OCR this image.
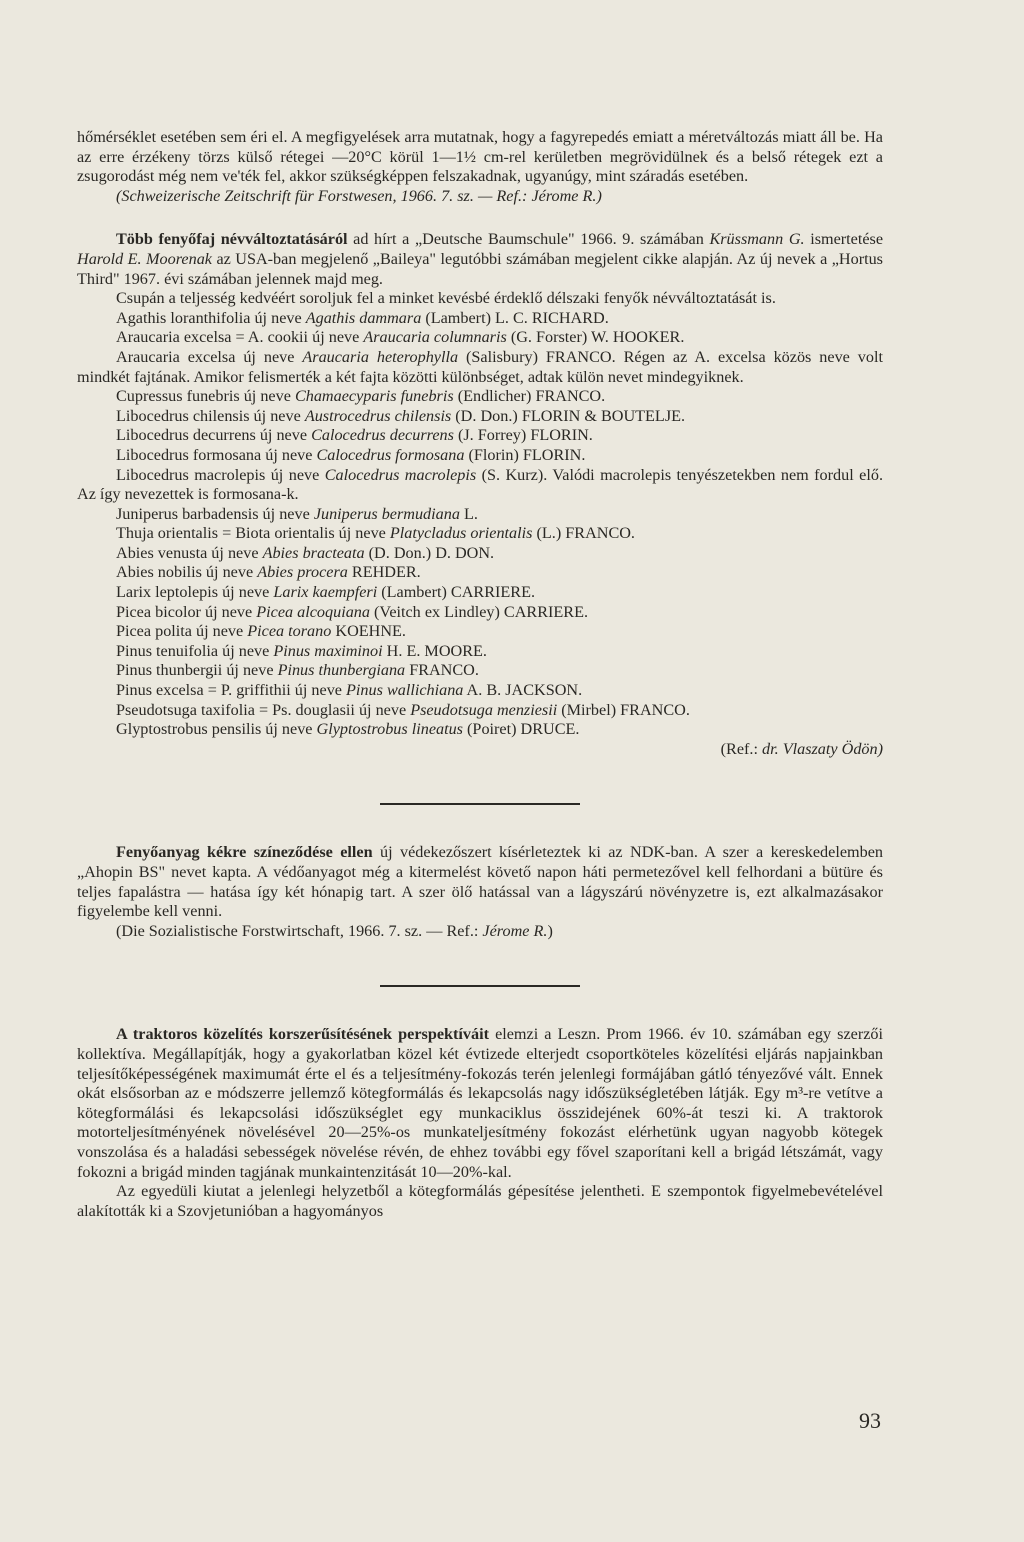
hőmérséklet esetében sem éri el. A megfigyelések arra mutatnak, hogy a fagyrepedés emiatt a méretváltozás miatt áll be. Ha az erre érzékeny törzs külső rétegei —20°C körül 1—1½ cm-rel kerületben megrövidülnek és a belső rétegek ezt a zsugorodást még nem ve'ték fel, akkor szükségképpen felszakadnak, ugyanúgy, mint száradás esetében.

(Schweizerische Zeitschrift für Forstwesen, 1966. 7. sz. — Ref.: Jérome R.)

Több fenyőfaj névváltoztatásáról ad hírt a „Deutsche Baumschule" 1966. 9. számában Krüssmann G. ismertetése Harold E. Moorenak az USA-ban megjelenő „Baileya" legutóbbi számában megjelent cikke alapján. Az új nevek a „Hortus Third" 1967. évi számában jelennek majd meg.

Csupán a teljesség kedvéért soroljuk fel a minket kevésbé érdeklő délszaki fenyők névváltoztatását is.

Agathis loranthifolia új neve Agathis dammara (Lambert) L. C. RICHARD.

Araucaria excelsa = A. cookii új neve Araucaria columnaris (G. Forster) W. HOOKER.

Araucaria excelsa új neve Araucaria heterophylla (Salisbury) FRANCO. Régen az A. excelsa közös neve volt mindkét fajtának. Amikor felismerték a két fajta közötti különbséget, adtak külön nevet mindegyiknek.

Cupressus funebris új neve Chamaecyparis funebris (Endlicher) FRANCO.

Libocedrus chilensis új neve Austrocedrus chilensis (D. Don.) FLORIN & BOUTELJE.

Libocedrus decurrens új neve Calocedrus decurrens (J. Forrey) FLORIN.

Libocedrus formosana új neve Calocedrus formosana (Florin) FLORIN.

Libocedrus macrolepis új neve Calocedrus macrolepis (S. Kurz). Valódi macrolepis tenyészetekben nem fordul elő. Az így nevezettek is formosana-k.

Juniperus barbadensis új neve Juniperus bermudiana L.

Thuja orientalis = Biota orientalis új neve Platycladus orientalis (L.) FRANCO.

Abies venusta új neve Abies bracteata (D. Don.) D. DON.

Abies nobilis új neve Abies procera REHDER.

Larix leptolepis új neve Larix kaempferi (Lambert) CARRIERE.

Picea bicolor új neve Picea alcoquiana (Veitch ex Lindley) CARRIERE.

Picea polita új neve Picea torano KOEHNE.

Pinus tenuifolia új neve Pinus maximinoi H. E. MOORE.

Pinus thunbergii új neve Pinus thunbergiana FRANCO.

Pinus excelsa = P. griffithii új neve Pinus wallichiana A. B. JACKSON.

Pseudotsuga taxifolia = Ps. douglasii új neve Pseudotsuga menziesii (Mirbel) FRANCO.

Glyptostrobus pensilis új neve Glyptostrobus lineatus (Poiret) DRUCE.

(Ref.: dr. Vlaszaty Ödön)

Fenyőanyag kékre színeződése ellen új védekezőszert kísérleteztek ki az NDK-ban. A szer a kereskedelemben „Ahopin BS" nevet kapta. A védőanyagot még a kitermelést követő napon háti permetezővel kell felhordani a bütüre és teljes fapalástra — hatása így két hónapig tart. A szer ölő hatással van a lágyszárú növényzetre is, ezt alkalmazásakor figyelembe kell venni.

(Die Sozialistische Forstwirtschaft, 1966. 7. sz. — Ref.: Jérome R.)

A traktoros közelítés korszerűsítésének perspektíváit elemzi a Leszn. Prom 1966. év 10. számában egy szerzői kollektíva. Megállapítják, hogy a gyakorlatban közel két évtizede elterjedt csoportköteles közelítési eljárás napjainkban teljesítőképességének maximumát érte el és a teljesítmény-fokozás terén jelenlegi formájában gátló tényezővé vált. Ennek okát elsősorban az e módszerre jellemző kötegformálás és lekapcsolás nagy időszükségletében látják. Egy m³-re vetítve a kötegformálási és lekapcsolási időszükséglet egy munkaciklus összidejének 60%-át teszi ki. A traktorok motorteljesítményének növelésével 20—25%-os munkateljesítmény fokozást elérhetünk ugyan nagyobb kötegek vonszolása és a haladási sebességek növelése révén, de ehhez további egy fővel szaporítani kell a brigád létszámát, vagy fokozni a brigád minden tagjának munkaintenzitását 10—20%-kal.

Az egyedüli kiutat a jelenlegi helyzetből a kötegformálás gépesítése jelentheti. E szempontok figyelmebevételével alakították ki a Szovjetunióban a hagyományos

93
